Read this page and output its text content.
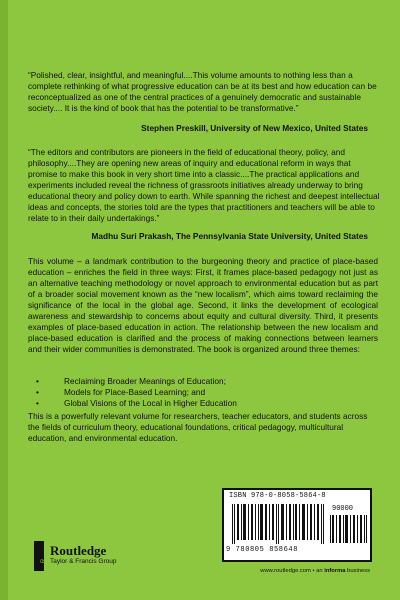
“Polished, clear, insightful, and meaningful....This volume amounts to nothing less than a complete rethinking of what progressive education can be at its best and how education can be reconceptualized as one of the central practices of a genuinely democratic and sustainable society.... It is the kind of book that has the potential to be transformative.”
Stephen Preskill, University of New Mexico, United States
“The editors and contributors are pioneers in the field of educational theory, policy, and philosophy....They are opening new areas of inquiry and educational reform in ways that promise to make this book in very short time into a classic....The practical applications and experiments included reveal the richness of grassroots initiatives already underway to bring educational theory and policy down to earth. While spanning the richest and deepest intellectual ideas and concepts, the stories told are the types that practitioners and teachers will be able to relate to in their daily undertakings.”
Madhu Suri Prakash, The Pennsylvania State University, United States
This volume – a landmark contribution to the burgeoning theory and practice of place-based education – enriches the field in three ways: First, it frames place-based pedagogy not just as an alternative teaching methodology or novel approach to environmental education but as part of a broader social movement known as the “new localism”, which aims toward reclaiming the significance of the local in the global age. Second, it links the development of ecological awareness and stewardship to concerns about equity and cultural diversity. Third, it presents examples of place-based education in action. The relationship between the new localism and place-based education is clarified and the process of making connections between learners and their wider communities is demonstrated. The book is organized around three themes:
•	Reclaiming Broader Meanings of Education;
•	Models for Place-Based Learning; and
•	Global Visions of the Local in Higher Education
This is a powerfully relevant volume for researchers, teacher educators, and students across the fields of curriculum theory, educational foundations, critical pedagogy, multicultural education, and environmental education.
ISBN 978-0-8058-5864-8
90000
9 780805 858648
R
Routledge
Taylor & Francis Group
www.routledge.com • an informa business
